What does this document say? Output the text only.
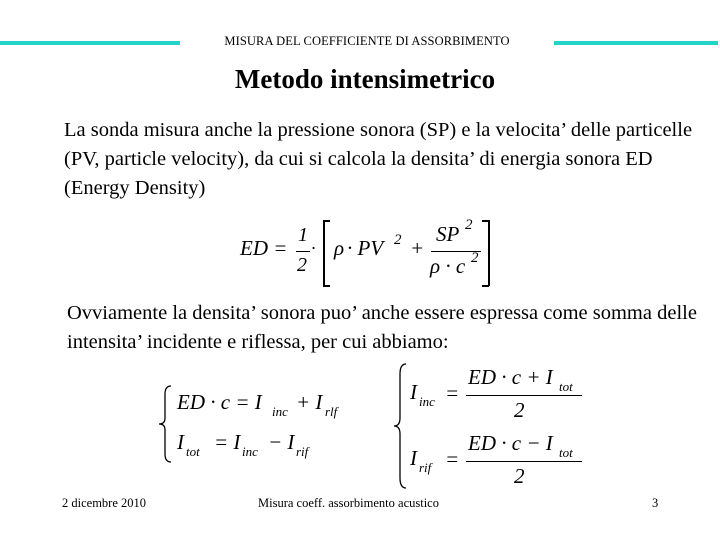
MISURA DEL COEFFICIENTE DI ASSORBIMENTO
Metodo intensimetrico
La sonda misura anche la pressione sonora (SP) e la velocita’ delle particelle (PV, particle velocity), da cui si calcola la densita’ di energia sonora ED (Energy Density)
ED =
1
2
· ρ · PV 2 +
SP 2
ρ · c 2
Ovviamente la densita’ sonora puo’ anche essere espressa come somma delle intensita’ incidente e riflessa, per cui abbiamo:
ED · c = I inc + I rlf
I tot = I inc − I rif
I inc =
ED · c + I tot
2
I rif =
ED · c − I tot
2
2 dicembre 2010	Misura coeff. assorbimento acustico	3
